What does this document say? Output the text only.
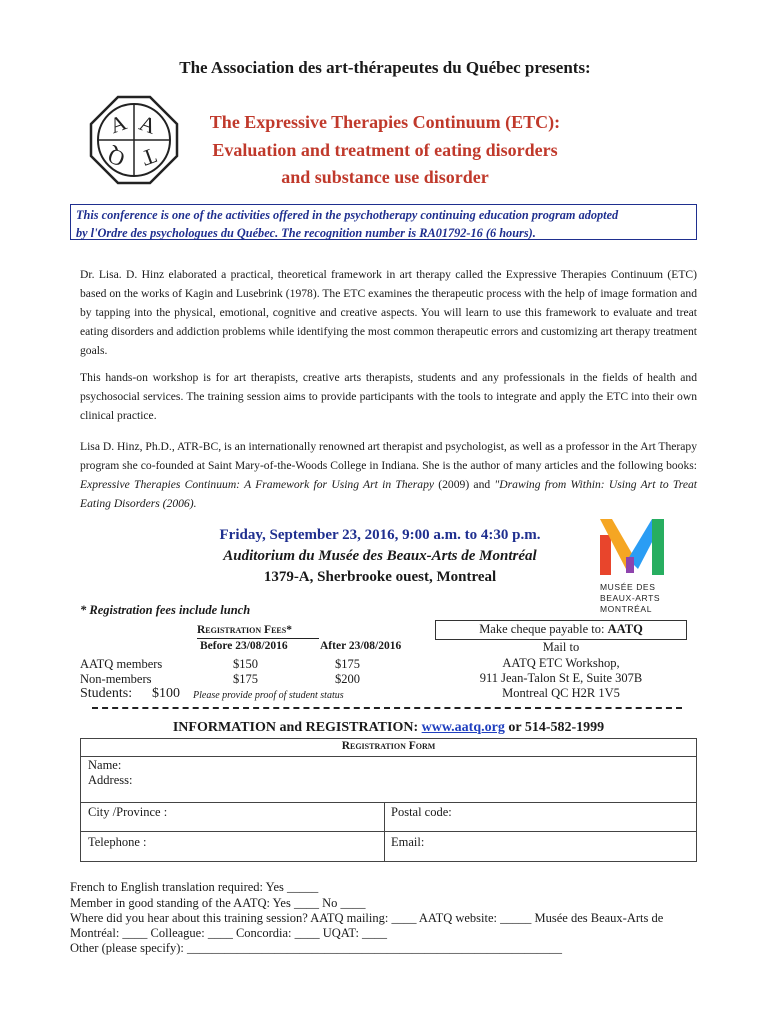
The Association des art-thérapeutes du Québec presents:
A A
T
Q
The Expressive Therapies Continuum (ETC):
Evaluation and treatment of eating disorders
and substance use disorder
This conference is one of the activities offered in the psychotherapy continuing education program adopted
by l'Ordre des psychologues du Québec. The recognition number is RA01792-16 (6 hours).
Dr. Lisa. D. Hinz elaborated a practical, theoretical framework in art therapy called the Expressive Therapies Continuum (ETC) based on the works of Kagin and Lusebrink (1978). The ETC examines the therapeutic process with the help of image formation and by tapping into the physical, emotional, cognitive and creative aspects. You will learn to use this framework to evaluate and treat eating disorders and addiction problems while identifying the most common therapeutic errors and customizing art therapy treatment goals.
This hands-on workshop is for art therapists, creative arts therapists, students and any professionals in the fields of health and psychosocial services. The training session aims to provide participants with the tools to integrate and apply the ETC into their own clinical practice.
Lisa D. Hinz, Ph.D., ATR-BC, is an internationally renowned art therapist and psychologist, as well as a professor in the Art Therapy program she co-founded at Saint Mary-of-the-Woods College in Indiana. She is the author of many articles and the following books: Expressive Therapies Continuum: A Framework for Using Art in Therapy (2009) and "Drawing from Within: Using Art to Treat Eating Disorders (2006).
Friday, September 23, 2016, 9:00 a.m. to 4:30 p.m.
Auditorium du Musée des Beaux-Arts de Montréal
1379-A, Sherbrooke ouest, Montreal
MUSÉE DES
BEAUX-ARTS
MONTRÉAL
* Registration fees include lunch
Registration Fees*
Before 23/08/2016	After 23/08/2016
AATQ members	$150	$175
Non-members	$175	$200
Students: $100 Please provide proof of student status
Make cheque payable to: AATQ
Mail to
AATQ ETC Workshop,
911 Jean-Talon St E, Suite 307B
Montreal QC H2R 1V5
INFORMATION and REGISTRATION: www.aatq.org or 514-582-1999
Registration Form
Name:
Address:
City /Province :	Postal code:
Telephone :	Email:
French to English translation required: Yes _____
Member in good standing of the AATQ: Yes ____ No ____
Where did you hear about this training session? AATQ mailing: ____ AATQ website: _____ Musée des Beaux-Arts de
Montréal: ____ Colleague: ____ Concordia: ____ UQAT: ____
Other (please specify): ____________________________________________________________
